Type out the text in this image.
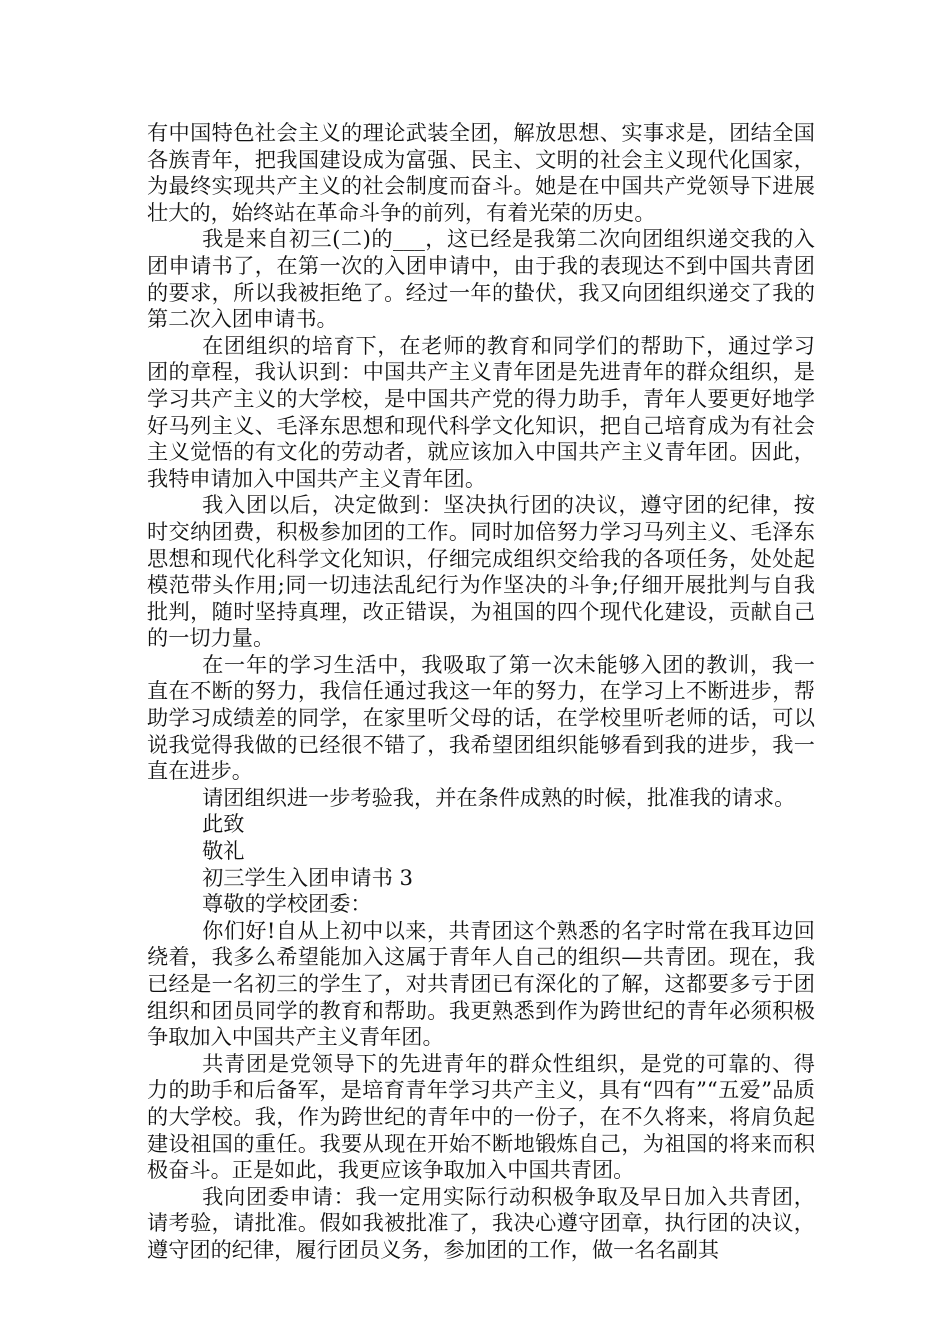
有中国特色社会主义的理论武装全团，解放思想、实事求是，团结全国各族青年，把我国建设成为富强、民主、文明的社会主义现代化国家，为最终实现共产主义的社会制度而奋斗。她是在中国共产党领导下进展壮大的，始终站在革命斗争的前列，有着光荣的历史。

我是来自初三(二)的___，这已经是我第二次向团组织递交我的入团申请书了，在第一次的入团申请中，由于我的表现达不到中国共青团的要求，所以我被拒绝了。经过一年的蛰伏，我又向团组织递交了我的第二次入团申请书。

在团组织的培育下，在老师的教育和同学们的帮助下，通过学习团的章程，我认识到：中国共产主义青年团是先进青年的群众组织，是学习共产主义的大学校，是中国共产党的得力助手，青年人要更好地学好马列主义、毛泽东思想和现代科学文化知识，把自己培育成为有社会主义觉悟的有文化的劳动者，就应该加入中国共产主义青年团。因此，我特申请加入中国共产主义青年团。

我入团以后，决定做到：坚决执行团的决议，遵守团的纪律，按时交纳团费，积极参加团的工作。同时加倍努力学习马列主义、毛泽东思想和现代化科学文化知识，仔细完成组织交给我的各项任务，处处起模范带头作用;同一切违法乱纪行为作坚决的斗争;仔细开展批判与自我批判，随时坚持真理，改正错误，为祖国的四个现代化建设，贡献自己的一切力量。

在一年的学习生活中，我吸取了第一次未能够入团的教训，我一直在不断的努力，我信任通过我这一年的努力，在学习上不断进步，帮助学习成绩差的同学，在家里听父母的话，在学校里听老师的话，可以说我觉得我做的已经很不错了，我希望团组织能够看到我的进步，我一直在进步。

请团组织进一步考验我，并在条件成熟的时候，批准我的请求。

此致

敬礼

初三学生入团申请书 3

尊敬的学校团委：

你们好!自从上初中以来，共青团这个熟悉的名字时常在我耳边回绕着，我多么希望能加入这属于青年人自己的组织—共青团。现在，我已经是一名初三的学生了，对共青团已有深化的了解，这都要多亏于团组织和团员同学的教育和帮助。我更熟悉到作为跨世纪的青年必须积极争取加入中国共产主义青年团。

共青团是党领导下的先进青年的群众性组织，是党的可靠的、得力的助手和后备军，是培育青年学习共产主义，具有“四有”“五爱”品质的大学校。我，作为跨世纪的青年中的一份子，在不久将来，将肩负起建设祖国的重任。我要从现在开始不断地锻炼自己，为祖国的将来而积极奋斗。正是如此，我更应该争取加入中国共青团。

我向团委申请：我一定用实际行动积极争取及早日加入共青团，请考验，请批准。假如我被批准了，我决心遵守团章，执行团的决议，遵守团的纪律，履行团员义务，参加团的工作，做一名名副其
